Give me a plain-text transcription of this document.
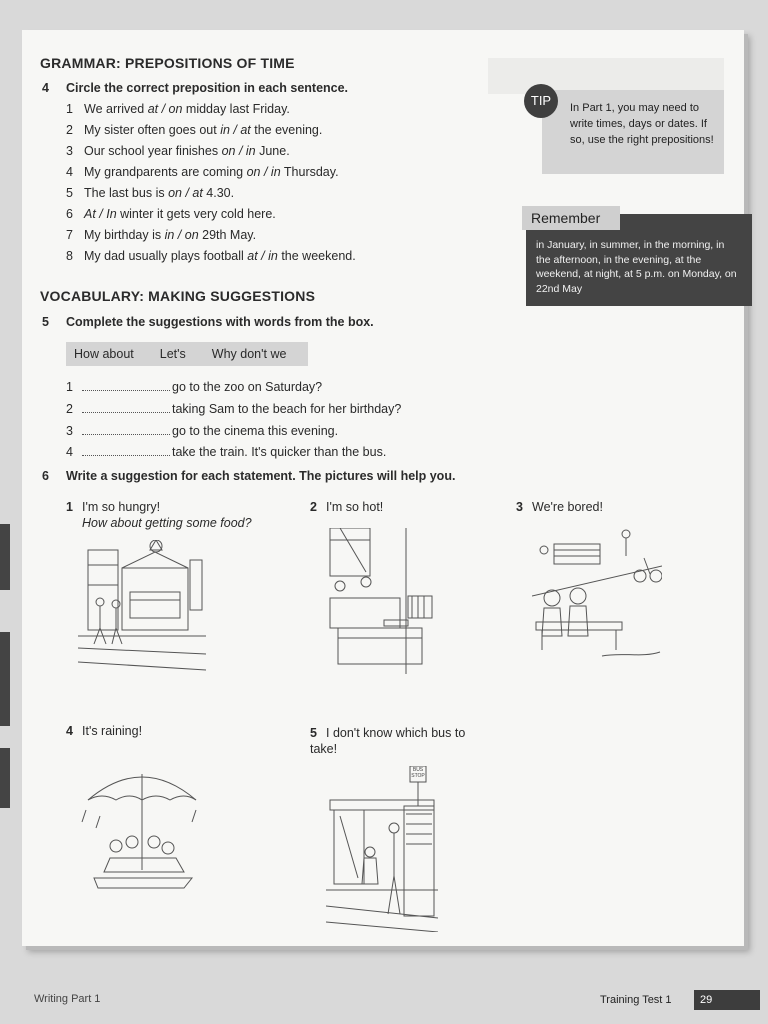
GRAMMAR: PREPOSITIONS OF TIME
4 Circle the correct preposition in each sentence.
1 We arrived at / on midday last Friday.
2 My sister often goes out in / at the evening.
3 Our school year finishes on / in June.
4 My grandparents are coming on / in Thursday.
5 The last bus is on / at 4.30.
6 At / In winter it gets very cold here.
7 My birthday is in / on 29th May.
8 My dad usually plays football at / in the weekend.
In Part 1, you may need to write times, days or dates. If so, use the right prepositions!
TIP
Remember
in January, in summer, in the morning, in the afternoon, in the evening, at the weekend, at night, at 5 p.m. on Monday, on 22nd May
VOCABULARY: MAKING SUGGESTIONS
5 Complete the suggestions with words from the box.
How about Let's Why don't we
1	go to the zoo on Saturday?
2	taking Sam to the beach for her birthday?
3	go to the cinema this evening.
4	take the train. It's quicker than the bus.
6 Write a suggestion for each statement. The pictures will help you.
1 I'm so hungry!
How about getting some food?
2 I'm so hot!	3 We're bored!
4 It's raining!	5 I don't know which bus to take!
BUS STOP
Writing Part 1	Training Test 1	29
